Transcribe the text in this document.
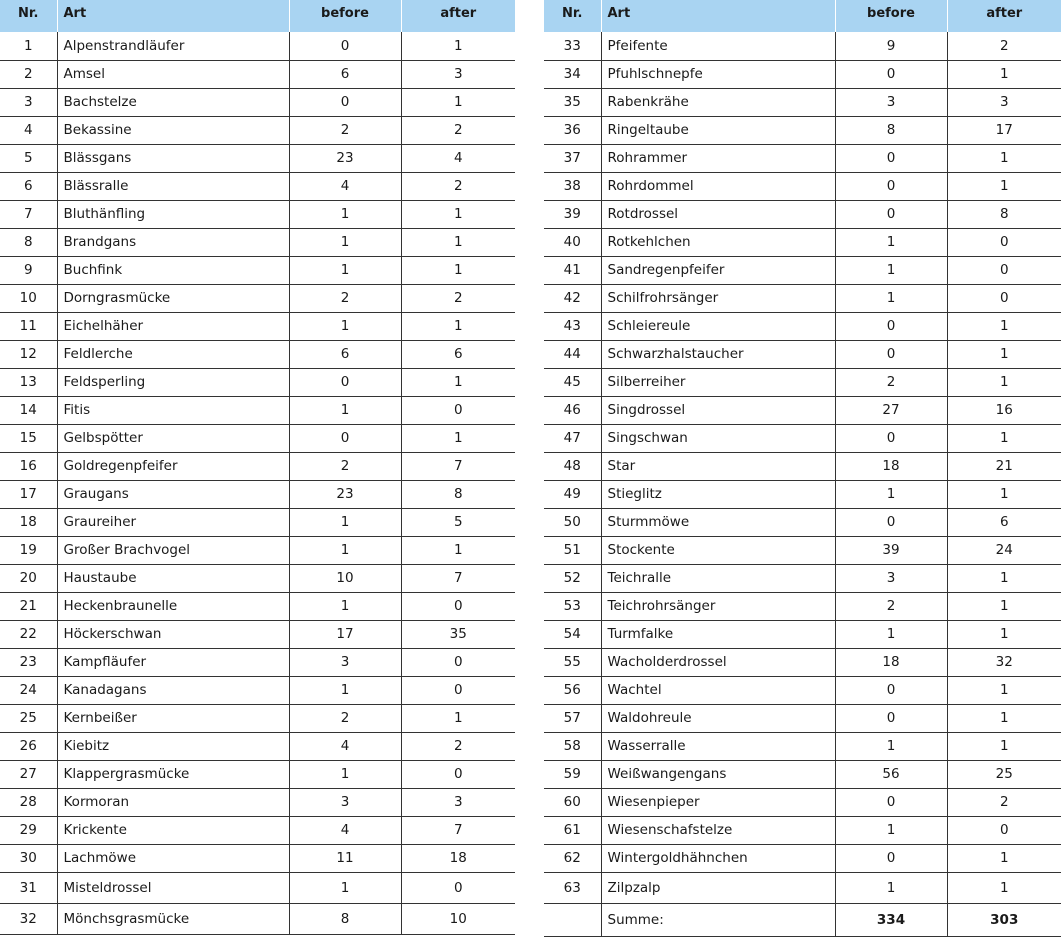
Nr.	Art	before	after
1	Alpenstrandläufer	0	1
2	Amsel	6	3
3	Bachstelze	0	1
4	Bekassine	2	2
5	Blässgans	23	4
6	Blässralle	4	2
7	Bluthänfling	1	1
8	Brandgans	1	1
9	Buchfink	1	1
10	Dorngrasmücke	2	2
11	Eichelhäher	1	1
12	Feldlerche	6	6
13	Feldsperling	0	1
14	Fitis	1	0
15	Gelbspötter	0	1
16	Goldregenpfeifer	2	7
17	Graugans	23	8
18	Graureiher	1	5
19	Großer Brachvogel	1	1
20	Haustaube	10	7
21	Heckenbraunelle	1	0
22	Höckerschwan	17	35
23	Kampfläufer	3	0
24	Kanadagans	1	0
25	Kernbeißer	2	1
26	Kiebitz	4	2
27	Klappergrasmücke	1	0
28	Kormoran	3	3
29	Krickente	4	7
30	Lachmöwe	11	18
31	Misteldrossel	1	0
32	Mönchsgrasmücke	8	10
Nr.	Art	before	after
33	Pfeifente	9	2
34	Pfuhlschnepfe	0	1
35	Rabenkrähe	3	3
36	Ringeltaube	8	17
37	Rohrammer	0	1
38	Rohrdommel	0	1
39	Rotdrossel	0	8
40	Rotkehlchen	1	0
41	Sandregenpfeifer	1	0
42	Schilfrohrsänger	1	0
43	Schleiereule	0	1
44	Schwarzhalstaucher	0	1
45	Silberreiher	2	1
46	Singdrossel	27	16
47	Singschwan	0	1
48	Star	18	21
49	Stieglitz	1	1
50	Sturmmöwe	0	6
51	Stockente	39	24
52	Teichralle	3	1
53	Teichrohrsänger	2	1
54	Turmfalke	1	1
55	Wacholderdrossel	18	32
56	Wachtel	0	1
57	Waldohreule	0	1
58	Wasserralle	1	1
59	Weißwangengans	56	25
60	Wiesenpieper	0	2
61	Wiesenschafstelze	1	0
62	Wintergoldhähnchen	0	1
63	Zilpzalp	1	1
	Summe:	334	303
